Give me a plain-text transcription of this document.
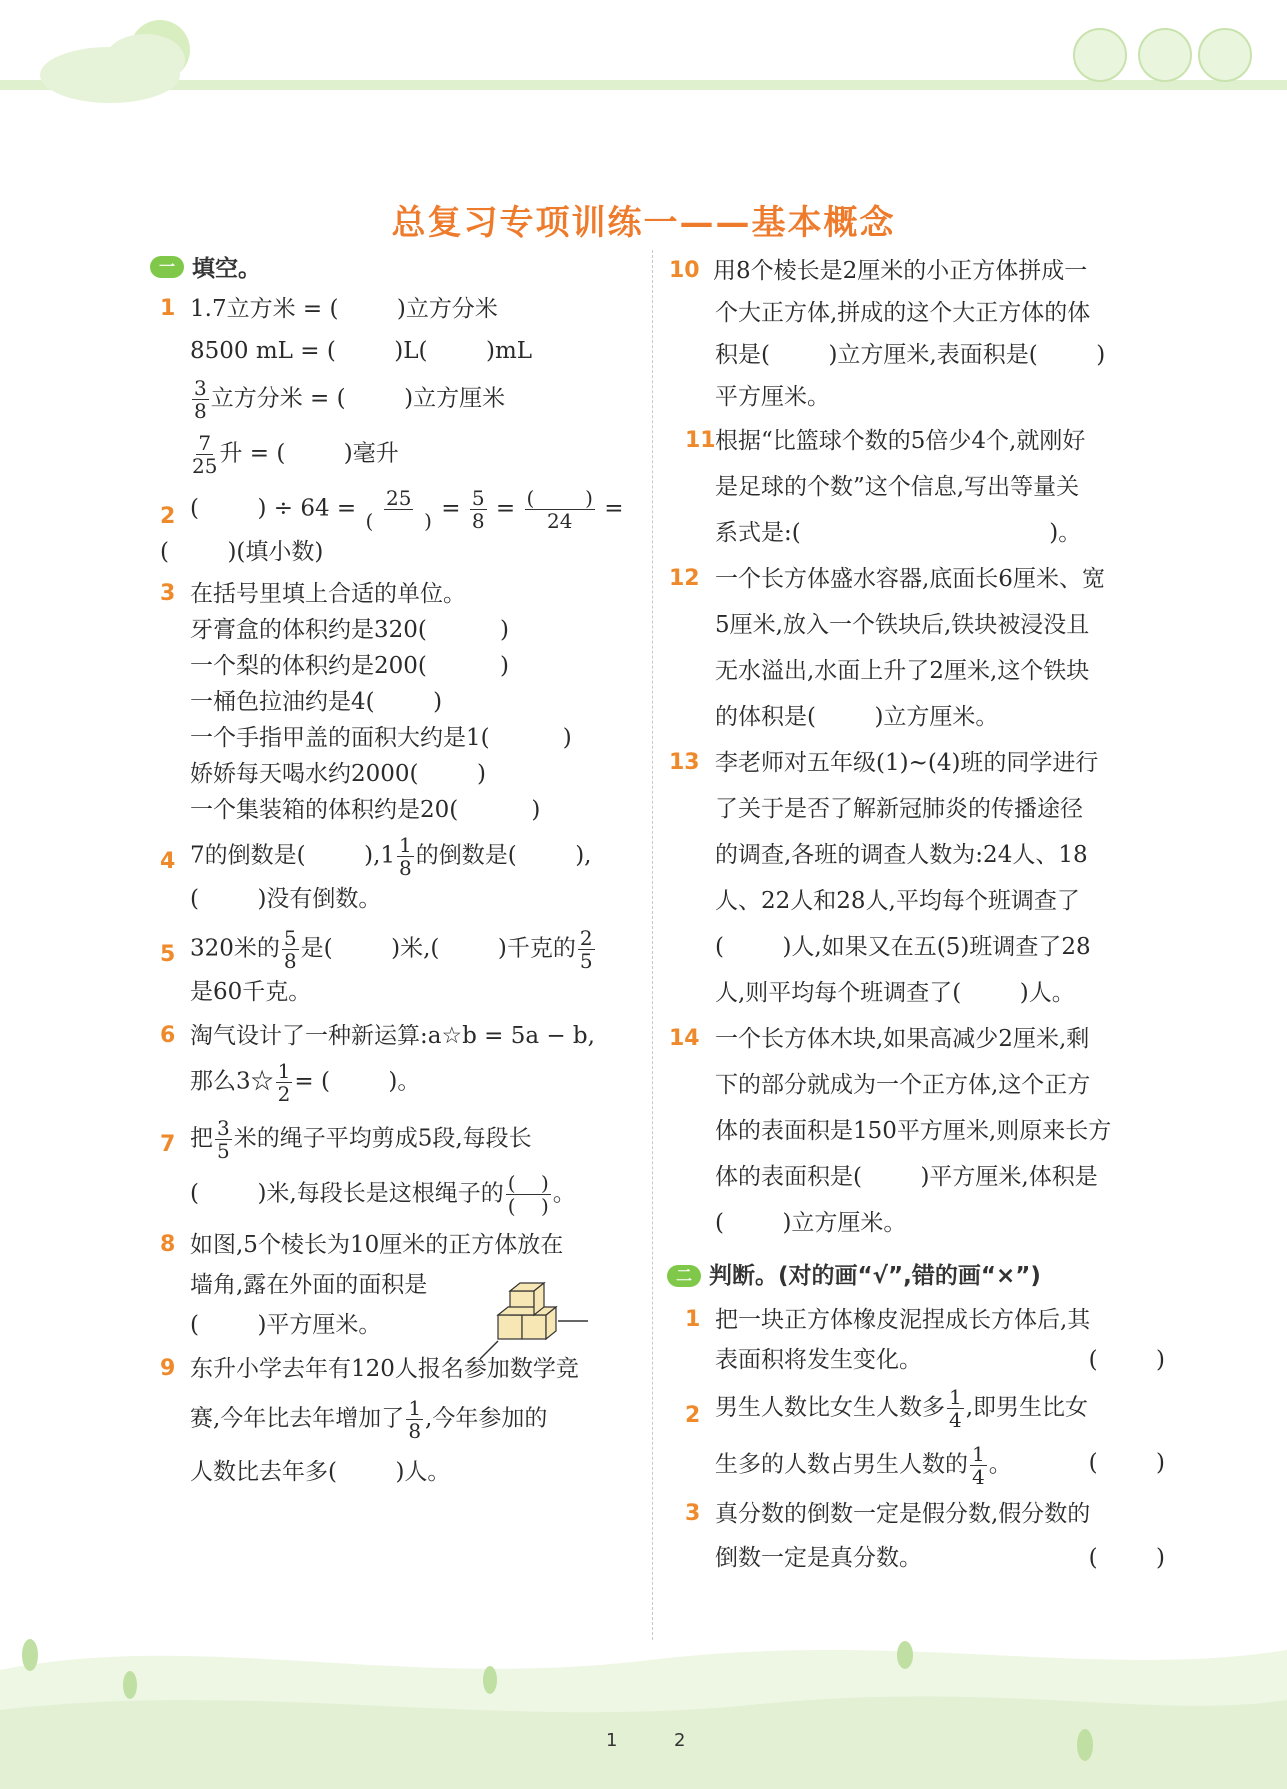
总复习专项训练一——基本概念
一 填空。
1 1.7立方米 = (        )立方分米

8500 mL = (        )L(        )mL

$\frac{3}{8}$ 立方分米 = (        )立方厘米

$\frac{7}{25}$ 升 = (        )毫升

2 (        ) ÷ $64 = \frac{25}{( )} = \frac{5}{8} = \frac{( )}{24}$ =

(        )(填小数)

3 在括号里填上合适的单位。

牙膏盒的体积约是320(          )

一个梨的体积约是200(          )

一桶色拉油约是4(        )

一个手指甲盖的面积大约是1(          )

娇娇每天喝水约2000(        )

一个集装箱的体积约是20(          )

4 7的倒数是(        )$,1 \frac{1}{8}$ 的倒数是(        ),

(        )没有倒数。

5 320米的 $\frac{5}{8}$ 是(        )米,(        )千克的 $\frac{2}{5}$

是60千克。

6 淘气设计了一种新运算:a☆b = 5a − b,

那么3☆ $\frac{1}{2}$ = (        )。

7 把 $\frac{3}{5}$ 米的绳子平均剪成5段,每段长

(        )米,每段长是这根绳子的 $\frac{( )}{( )}$ 。

8 如图,5个棱长为10厘米的正方体放在

墙角,露在外面的面积是

(        )平方厘米。

9 东升小学去年有120人报名参加数学竞

赛,今年比去年增加了 $\frac{1}{8}$ ,今年参加的

人数比去年多(        )人。

10 用8个棱长是2厘米的小正方体拼成一

个大正方体,拼成的这个大正方体的体

积是(        )立方厘米,表面积是(        )

平方厘米。

11 根据“比篮球个数的5倍少4个,就刚好

是足球的个数”这个信息,写出等量关

系式是:(                                  )。

12 一个长方体盛水容器,底面长6厘米、宽

5厘米,放入一个铁块后,铁块被浸没且

无水溢出,水面上升了2厘米,这个铁块

的体积是(        )立方厘米。

13 李老师对五年级(1)~(4)班的同学进行

了关于是否了解新冠肺炎的传播途径

的调查,各班的调查人数为:24人、18

人、22人和28人,平均每个班调查了

(        )人,如果又在五(5)班调查了28

人,则平均每个班调查了(        )人。

14 一个长方体木块,如果高减少2厘米,剩

下的部分就成为一个正方体,这个正方

体的表面积是150平方厘米,则原来长方

体的表面积是(        )平方厘米,体积是

(        )立方厘米。

二 判断。(对的画“√”,错的画“×”)
1 把一块正方体橡皮泥捏成长方体后,其

表面积将发生变化。	(        )

2 男生人数比女生人数多 $\frac{1}{4}$ ,即男生比女

生多的人数占男生人数的 $\frac{1}{4}$ 。	(        )

3 真分数的倒数一定是假分数,假分数的

倒数一定是真分数。	(        )

1	2
